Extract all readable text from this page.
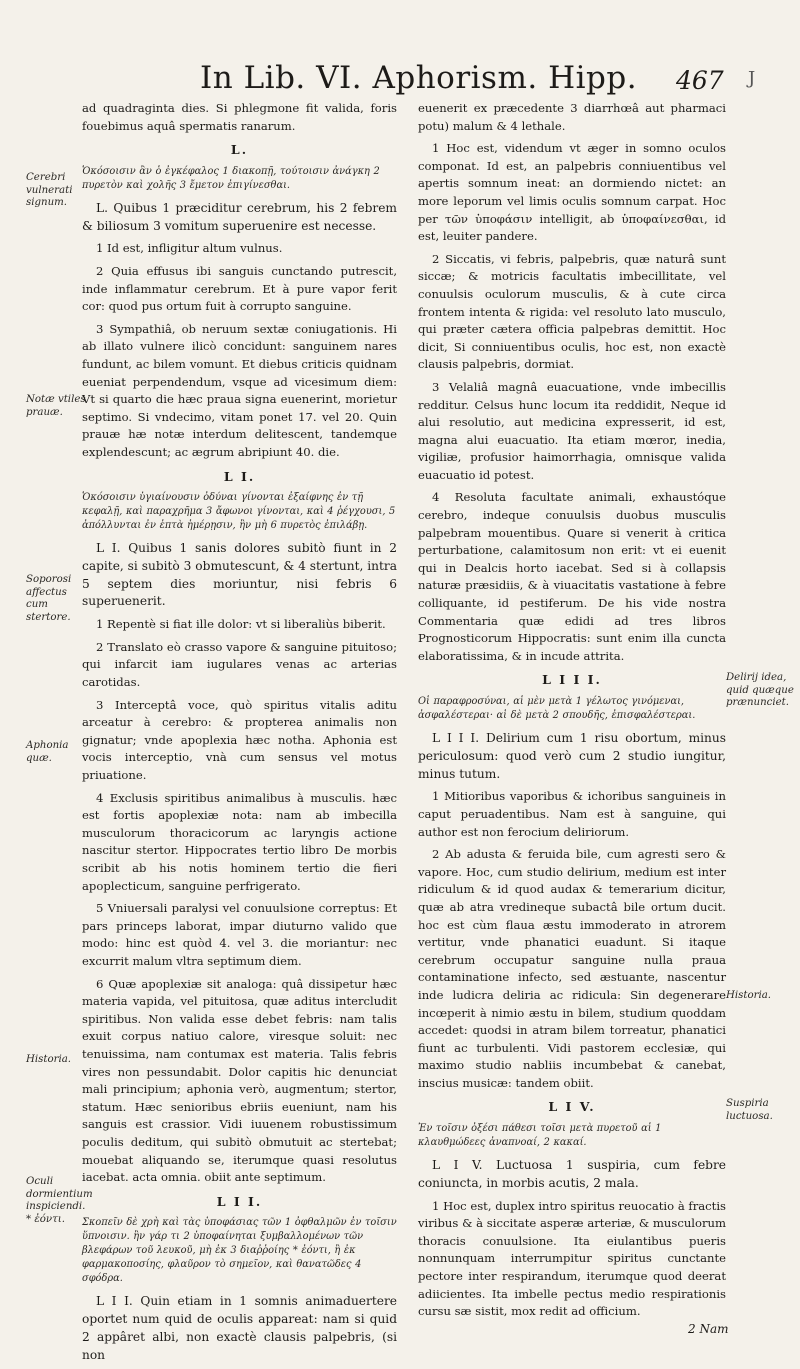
In Lib. VI. Aphorism. Hipp. 467 J

ad quadraginta dies. Si phlegmone fit valida, foris fouebimus aquâ spermatis ranarum.

L.

Ὁκόσοισιν ἂν ὁ ἐγκέφαλος 1 διακοπῇ, τούτοισιν ἀνάγκη 2 πυρετὸν καὶ χολῆς 3 ἔμετον ἐπιγίνεσθαι.

L. Quibus 1 præciditur cerebrum, his 2 febrem & biliosum 3 vomitum superuenire est necesse.

1 Id est, infligitur altum vulnus.

2 Quia effusus ibi sanguis cunctando putrescit, inde inflammatur cerebrum. Et à pure vapor ferit cor: quod pus ortum fuit à corrupto sanguine.

3 Sympathiâ, ob neruum sextæ coniugationis. Hi ab illato vulnere ilicò concidunt: sanguinem nares fundunt, ac bilem vomunt. Et diebus criticis quidnam eueniat perpendendum, vsque ad vicesimum diem: Vt si quarto die hæc praua signa euenerint, morietur septimo. Si vndecimo, vitam ponet 17. vel 20. Quin prauæ hæ notæ interdum delitescent, tandemque explendescunt; ac ægrum abripiunt 40. die.

L I.

Ὁκόσοισιν ὑγιαίνουσιν ὀδύναι γίνονται ἐξαίφνης ἐν τῇ κεφαλῇ, καὶ παραχρῆμα 3 ἄφωνοι γίνονται, καὶ 4 ῥέγχουσι, 5 ἀπόλλυνται ἐν ἑπτὰ ἡμέρῃσιν, ἢν μὴ 6 πυρετὸς ἐπιλάβῃ.

L I. Quibus 1 sanis dolores subitò fiunt in 2 capite, si subitò 3 obmutescunt, & 4 stertunt, intra 5 septem dies moriuntur, nisi febris 6 superuenerit.

1 Repentè si fiat ille dolor: vt si liberaliùs biberit.

2 Translato eò crasso vapore & sanguine pituitoso; qui infarcit iam iugulares venas ac arterias carotidas.

3 Interceptâ voce, quò spiritus vitalis aditu arceatur à cerebro: & propterea animalis non gignatur; vnde apoplexia hæc notha. Aphonia est vocis interceptio, vnà cum sensus vel motus priuatione.

4 Exclusis spiritibus animalibus à musculis. hæc est fortis apoplexiæ nota: nam ab imbecilla musculorum thoracicorum ac laryngis actione nascitur stertor. Hippocrates tertio libro De morbis scribit ab his notis hominem tertio die fieri apoplecticum, sanguine perfrigerato.

5 Vniuersali paralysi vel conuulsione correptus: Et pars princeps laborat, impar diuturno valido que modo: hinc est quòd 4. vel 3. die moriantur: nec excurrit malum vltra septimum diem.

6 Quæ apoplexiæ sit analoga: quâ dissipetur hæc materia vapida, vel pituitosa, quæ aditus intercludit spiritibus. Non valida esse debet febris: nam talis exuit corpus natiuo calore, viresque soluit: nec tenuissima, nam contumax est materia. Talis febris vires non pessundabit. Dolor capitis hic denunciat mali principium; aphonia verò, augmentum; stertor, statum. Hæc senioribus ebriis eueniunt, nam his sanguis est crassior. Vidi iuuenem robustissimum poculis deditum, qui subitò obmutuit ac stertebat; mouebat aliquando se, iterumque quasi resolutus iacebat. acta omnia. obiit ante septimum.

L I I.

Σκοπεῖν δὲ χρὴ καὶ τὰς ὑποφάσιας τῶν 1 ὀφθαλμῶν ἐν τοῖσιν ὕπνοισιν. ἢν γάρ τι 2 ὑποφαίνηται ξυμβαλλομένων τῶν βλεφάρων τοῦ λευκοῦ, μὴ ἐκ 3 διαῤῥοίης * ἐόντι, ἢ ἐκ φαρμακοποσίης, φλαῦρον τὸ σημεῖον, καὶ θανατῶδες 4 σφόδρα.

L I I. Quin etiam in 1 somnis animaduertere oportet num quid de oculis appareat: nam si quid 2 appâret albi, non exactè clausis palpebris, (si non

euenerit ex præcedente 3 diarrhœâ aut pharmaci potu) malum & 4 lethale.

1 Hoc est, videndum vt æger in somno oculos componat. Id est, an palpebris conniuentibus vel apertis somnum ineat: an dormiendo nictet: an more leporum vel limis oculis somnum carpat. Hoc per τῶν ὑποφάσιν intelligit, ab ὑποφαίνεσθαι, id est, leuiter pandere.

2 Siccatis, vi febris, palpebris, quæ naturâ sunt siccæ; & motricis facultatis imbecillitate, vel conuulsis oculorum musculis, & à cute circa frontem intenta & rigida: vel resoluto lato musculo, qui præter cætera officia palpebras demittit. Hoc dicit, Si conniuentibus oculis, hoc est, non exactè clausis palpebris, dormiat.

3 Velaliâ magnâ euacuatione, vnde imbecillis redditur. Celsus hunc locum ita reddidit, Neque id alui resolutio, aut medicina expresserit, id est, magna alui euacuatio. Ita etiam mœror, inedia, vigiliæ, profusior haimorrhagia, omnisque valida euacuatio id potest.

4 Resoluta facultate animali, exhaustóque cerebro, indeque conuulsis duobus musculis palpebram mouentibus. Quare si venerit à critica perturbatione, calamitosum non erit: vt ei euenit qui in Dealcis horto iacebat. Sed si à collapsis naturæ præsidiis, & à viuacitatis vastatione à febre colliquante, id pestiferum. De his vide nostra Commentaria quæ edidi ad tres libros Prognosticorum Hippocratis: sunt enim illa cuncta elaboratissima, & in incude attrita.

L I I I.

Οἱ παραφροσύναι, αἱ μὲν μετὰ 1 γέλωτος γινόμεναι, ἀσφαλέστεραι· αἱ δὲ μετὰ 2 σπουδῆς, ἐπισφαλέστεραι.

L I I I. Delirium cum 1 risu obortum, minus periculosum: quod verò cum 2 studio iungitur, minus tutum.

1 Mitioribus vaporibus & ichoribus sanguineis in caput peruadentibus. Nam est à sanguine, qui author est non ferocium deliriorum.

2 Ab adusta & feruida bile, cum agresti sero & vapore. Hoc, cum studio delirium, medium est inter ridiculum & id quod audax & temerarium dicitur, quæ ab atra vredineque subactâ bile ortum ducit. hoc est cùm flaua æstu immoderato in atrorem vertitur, vnde phanatici euadunt. Si itaque cerebrum occupatur sanguine nulla praua contaminatione infecto, sed æstuante, nascentur inde ludicra deliria ac ridicula: Sin degenerare incœperit à nimio æstu in bilem, studium quoddam accedet: quodsi in atram bilem torreatur, phanatici fiunt ac turbulenti. Vidi pastorem ecclesiæ, qui maximo studio nabliis incumbebat & canebat, inscius musicæ: tandem obiit.

L I V.

Ἐν τοῖσιν ὀξέσι πάθεσι τοῖσι μετὰ πυρετοῦ αἱ 1 κλαυθμώδεες ἀναπνοαί, 2 κακαί.

L I V. Luctuosa 1 suspiria, cum febre coniuncta, in morbis acutis, 2 mala.

1 Hoc est, duplex intro spiritus reuocatio à fractis viribus & à siccitate asperæ arteriæ, & musculorum thoracis conuulsione. Ita eiulantibus pueris nonnunquam interrumpitur spiritus cunctante pectore inter respirandum, iterumque quod deerat adiicientes. Ita imbelle pectus medio respirationis cursu sæ sistit, mox redit ad officium.

Cerebri vulnerati signum.
Notæ vtiles prauæ.
Soporosi affectus cum stertore.
Aphonia quæ.
Historia.
Oculi dormientium inspiciendi. * ἐόντι.
Delirij idea, quid quæque prænunciet.
Historia.
Suspiria luctuosa.
2 Nam
